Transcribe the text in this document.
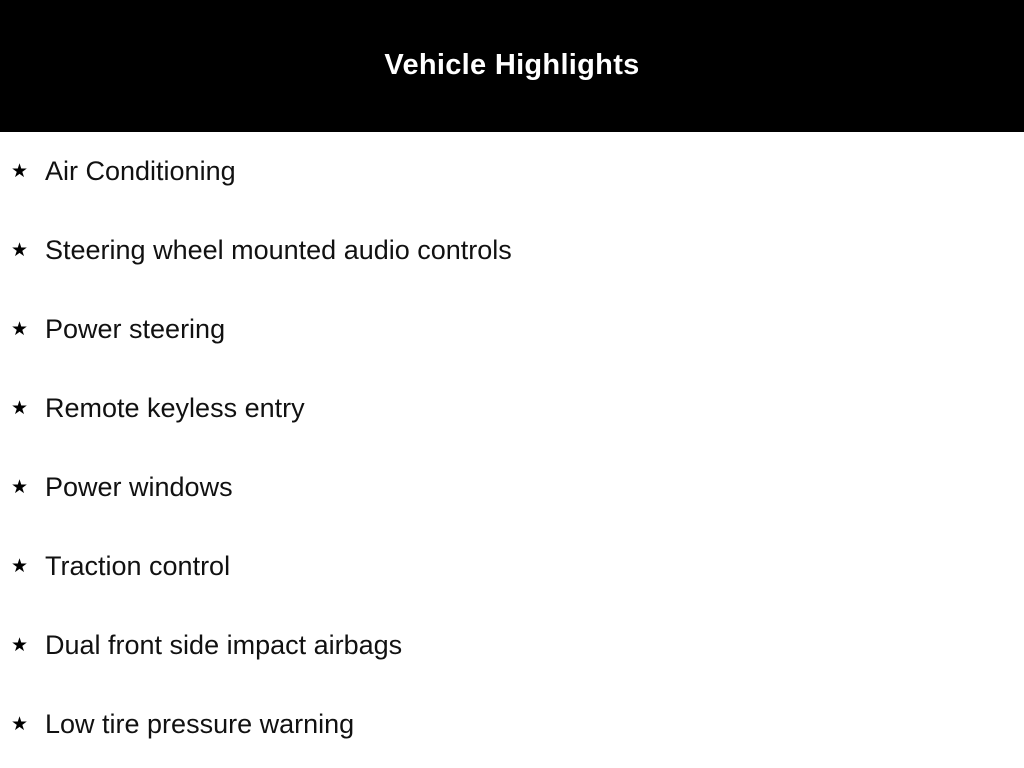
Vehicle Highlights
★ Air Conditioning
★ Steering wheel mounted audio controls
★ Power steering
★ Remote keyless entry
★ Power windows
★ Traction control
★ Dual front side impact airbags
★ Low tire pressure warning
